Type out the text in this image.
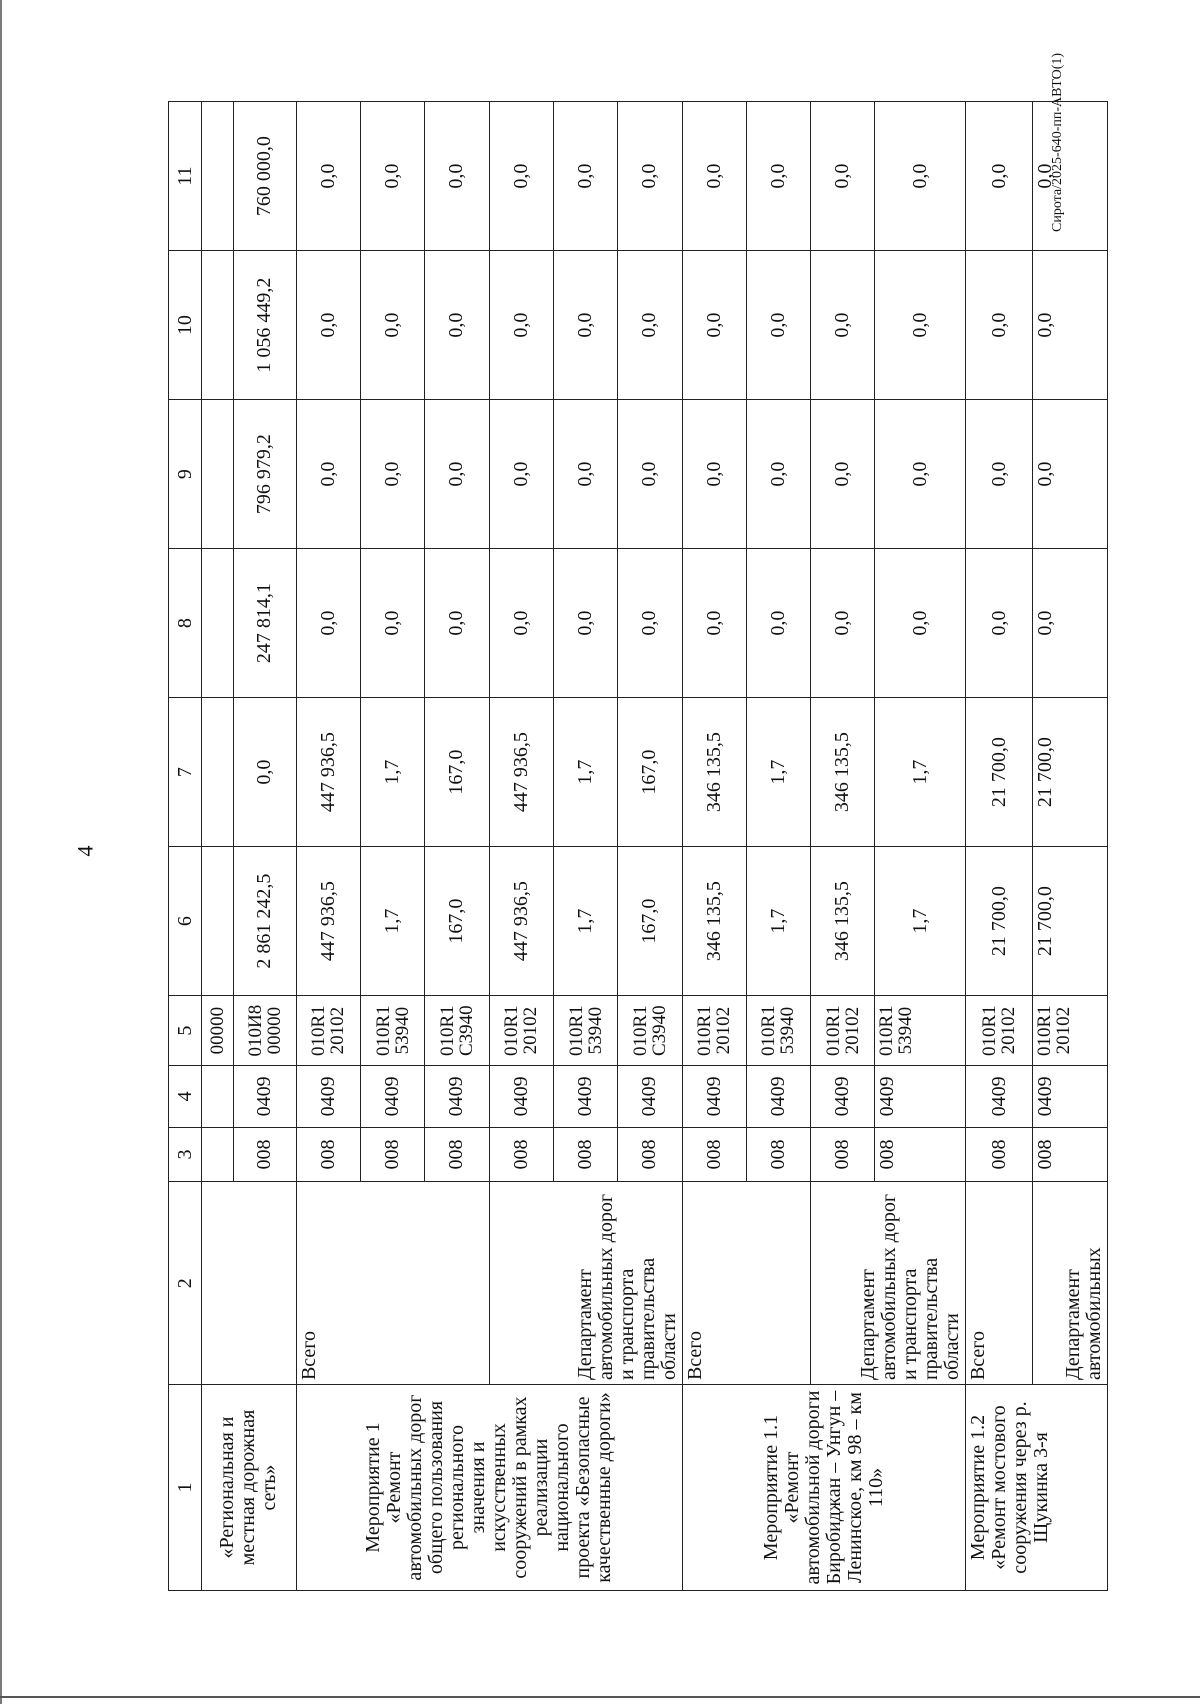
4
Сирота/2025-640-пп-АВТО(1)
1	2	3	4	5	6	7	8	9	10	11
«Региональная и местная дорожная сеть»				00000						
		008	0409	010И8 00000	2 861 242,5	0,0	247 814,1	796 979,2	1 056 449,2	760 000,0
Мероприятие 1 «Ремонт автомобильных дорог общего пользования регионального значения и искусственных сооружений в рамках реализации национального проекта «Безопасные качественные дороги»	Всего	008	0409	010R1 20102	447 936,5	447 936,5	0,0	0,0	0,0	0,0
		008	0409	010R1 53940	1,7	1,7	0,0	0,0	0,0	0,0
		008	0409	010R1 С3940	167,0	167,0	0,0	0,0	0,0	0,0
	Департамент автомобильных дорог и транспорта правительства области	008	0409	010R1 20102	447 936,5	447 936,5	0,0	0,0	0,0	0,0
		008	0409	010R1 53940	1,7	1,7	0,0	0,0	0,0	0,0
		008	0409	010R1 С3940	167,0	167,0	0,0	0,0	0,0	0,0
Мероприятие 1.1 «Ремонт автомобильной дороги Биробиджан – Унгун – Ленинское, км 98 – км 110»	Всего	008	0409	010R1 20102	346 135,5	346 135,5	0,0	0,0	0,0	0,0
		008	0409	010R1 53940	1,7	1,7	0,0	0,0	0,0	0,0
	Департамент автомобильных дорог и транспорта правительства области	008	0409	010R1 20102	346 135,5	346 135,5	0,0	0,0	0,0	0,0
		008	0409	010R1 53940	1,7	1,7	0,0	0,0	0,0	0,0
Мероприятие 1.2 «Ремонт мостового сооружения через р. Щукинка 3-я	Всего	008	0409	010R1 20102	21 700,0	21 700,0	0,0	0,0	0,0	0,0
	Департамент автомобильных	008	0409	010R1 20102	21 700,0	21 700,0	0,0	0,0	0,0	0,0
